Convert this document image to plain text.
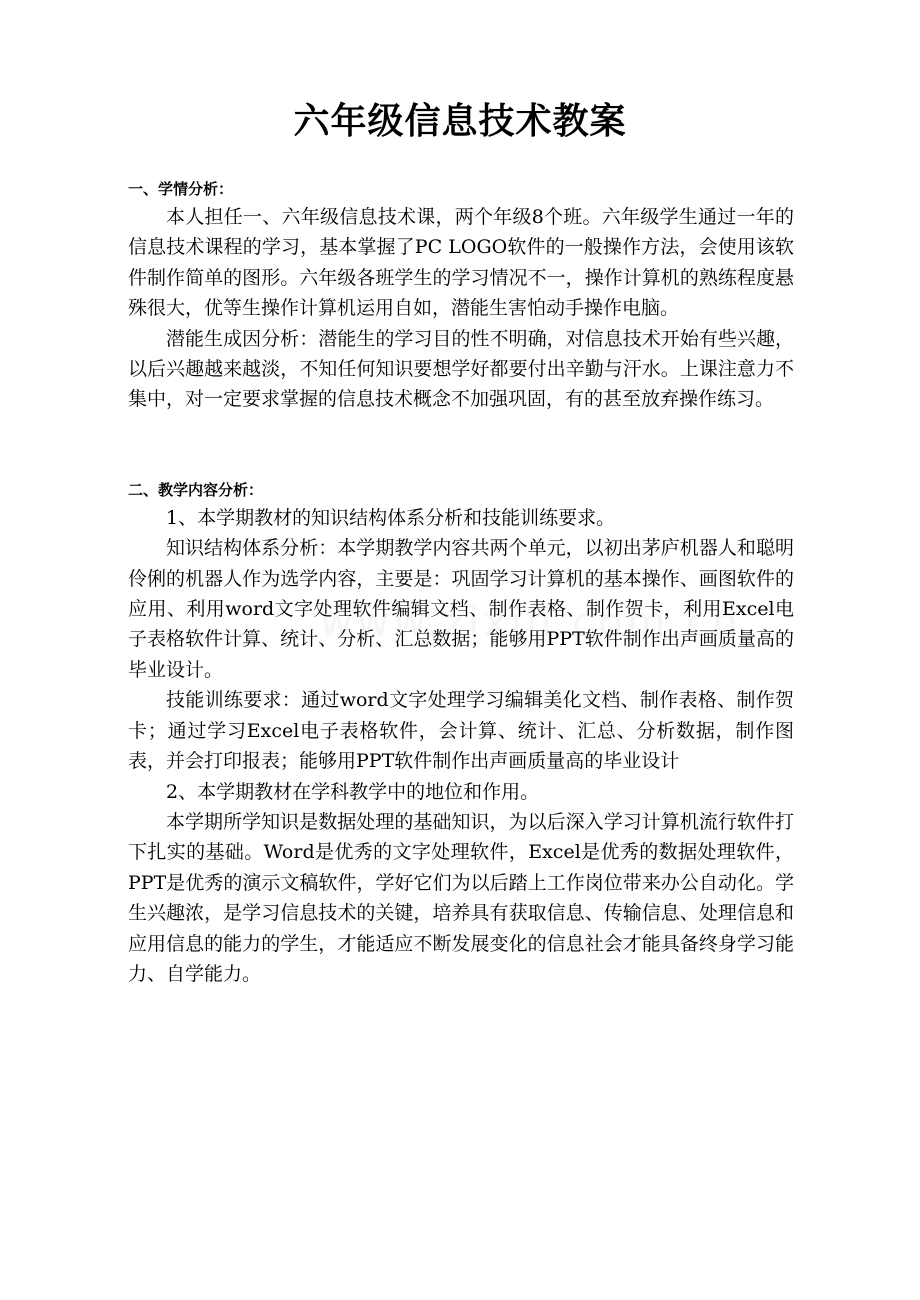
六年级信息技术教案

一、学情分析：

本人担任一、六年级信息技术课，两个年级8个班。六年级学生通过一年的信息技术课程的学习，基本掌握了PC LOGO软件的一般操作方法，会使用该软件制作简单的图形。六年级各班学生的学习情况不一，操作计算机的熟练程度悬殊很大，优等生操作计算机运用自如，潜能生害怕动手操作电脑。

潜能生成因分析：潜能生的学习目的性不明确，对信息技术开始有些兴趣，以后兴趣越来越淡，不知任何知识要想学好都要付出辛勤与汗水。上课注意力不集中，对一定要求掌握的信息技术概念不加强巩固，有的甚至放弃操作练习。

二、教学内容分析：

1、本学期教材的知识结构体系分析和技能训练要求。

知识结构体系分析：本学期教学内容共两个单元，以初出茅庐机器人和聪明伶俐的机器人作为选学内容，主要是：巩固学习计算机的基本操作、画图软件的应用、利用word文字处理软件编辑文档、制作表格、制作贺卡，利用Excel电子表格软件计算、统计、分析、汇总数据；能够用PPT软件制作出声画质量高的毕业设计。

技能训练要求：通过word文字处理学习编辑美化文档、制作表格、制作贺卡；通过学习Excel电子表格软件，会计算、统计、汇总、分析数据，制作图表，并会打印报表；能够用PPT软件制作出声画质量高的毕业设计

2、本学期教材在学科教学中的地位和作用。

本学期所学知识是数据处理的基础知识，为以后深入学习计算机流行软件打下扎实的基础。Word是优秀的文字处理软件，Excel是优秀的数据处理软件，PPT是优秀的演示文稿软件，学好它们为以后踏上工作岗位带来办公自动化。学生兴趣浓，是学习信息技术的关键，培养具有获取信息、传输信息、处理信息和应用信息的能力的学生，才能适应不断发展变化的信息社会才能具备终身学习能力、自学能力。
